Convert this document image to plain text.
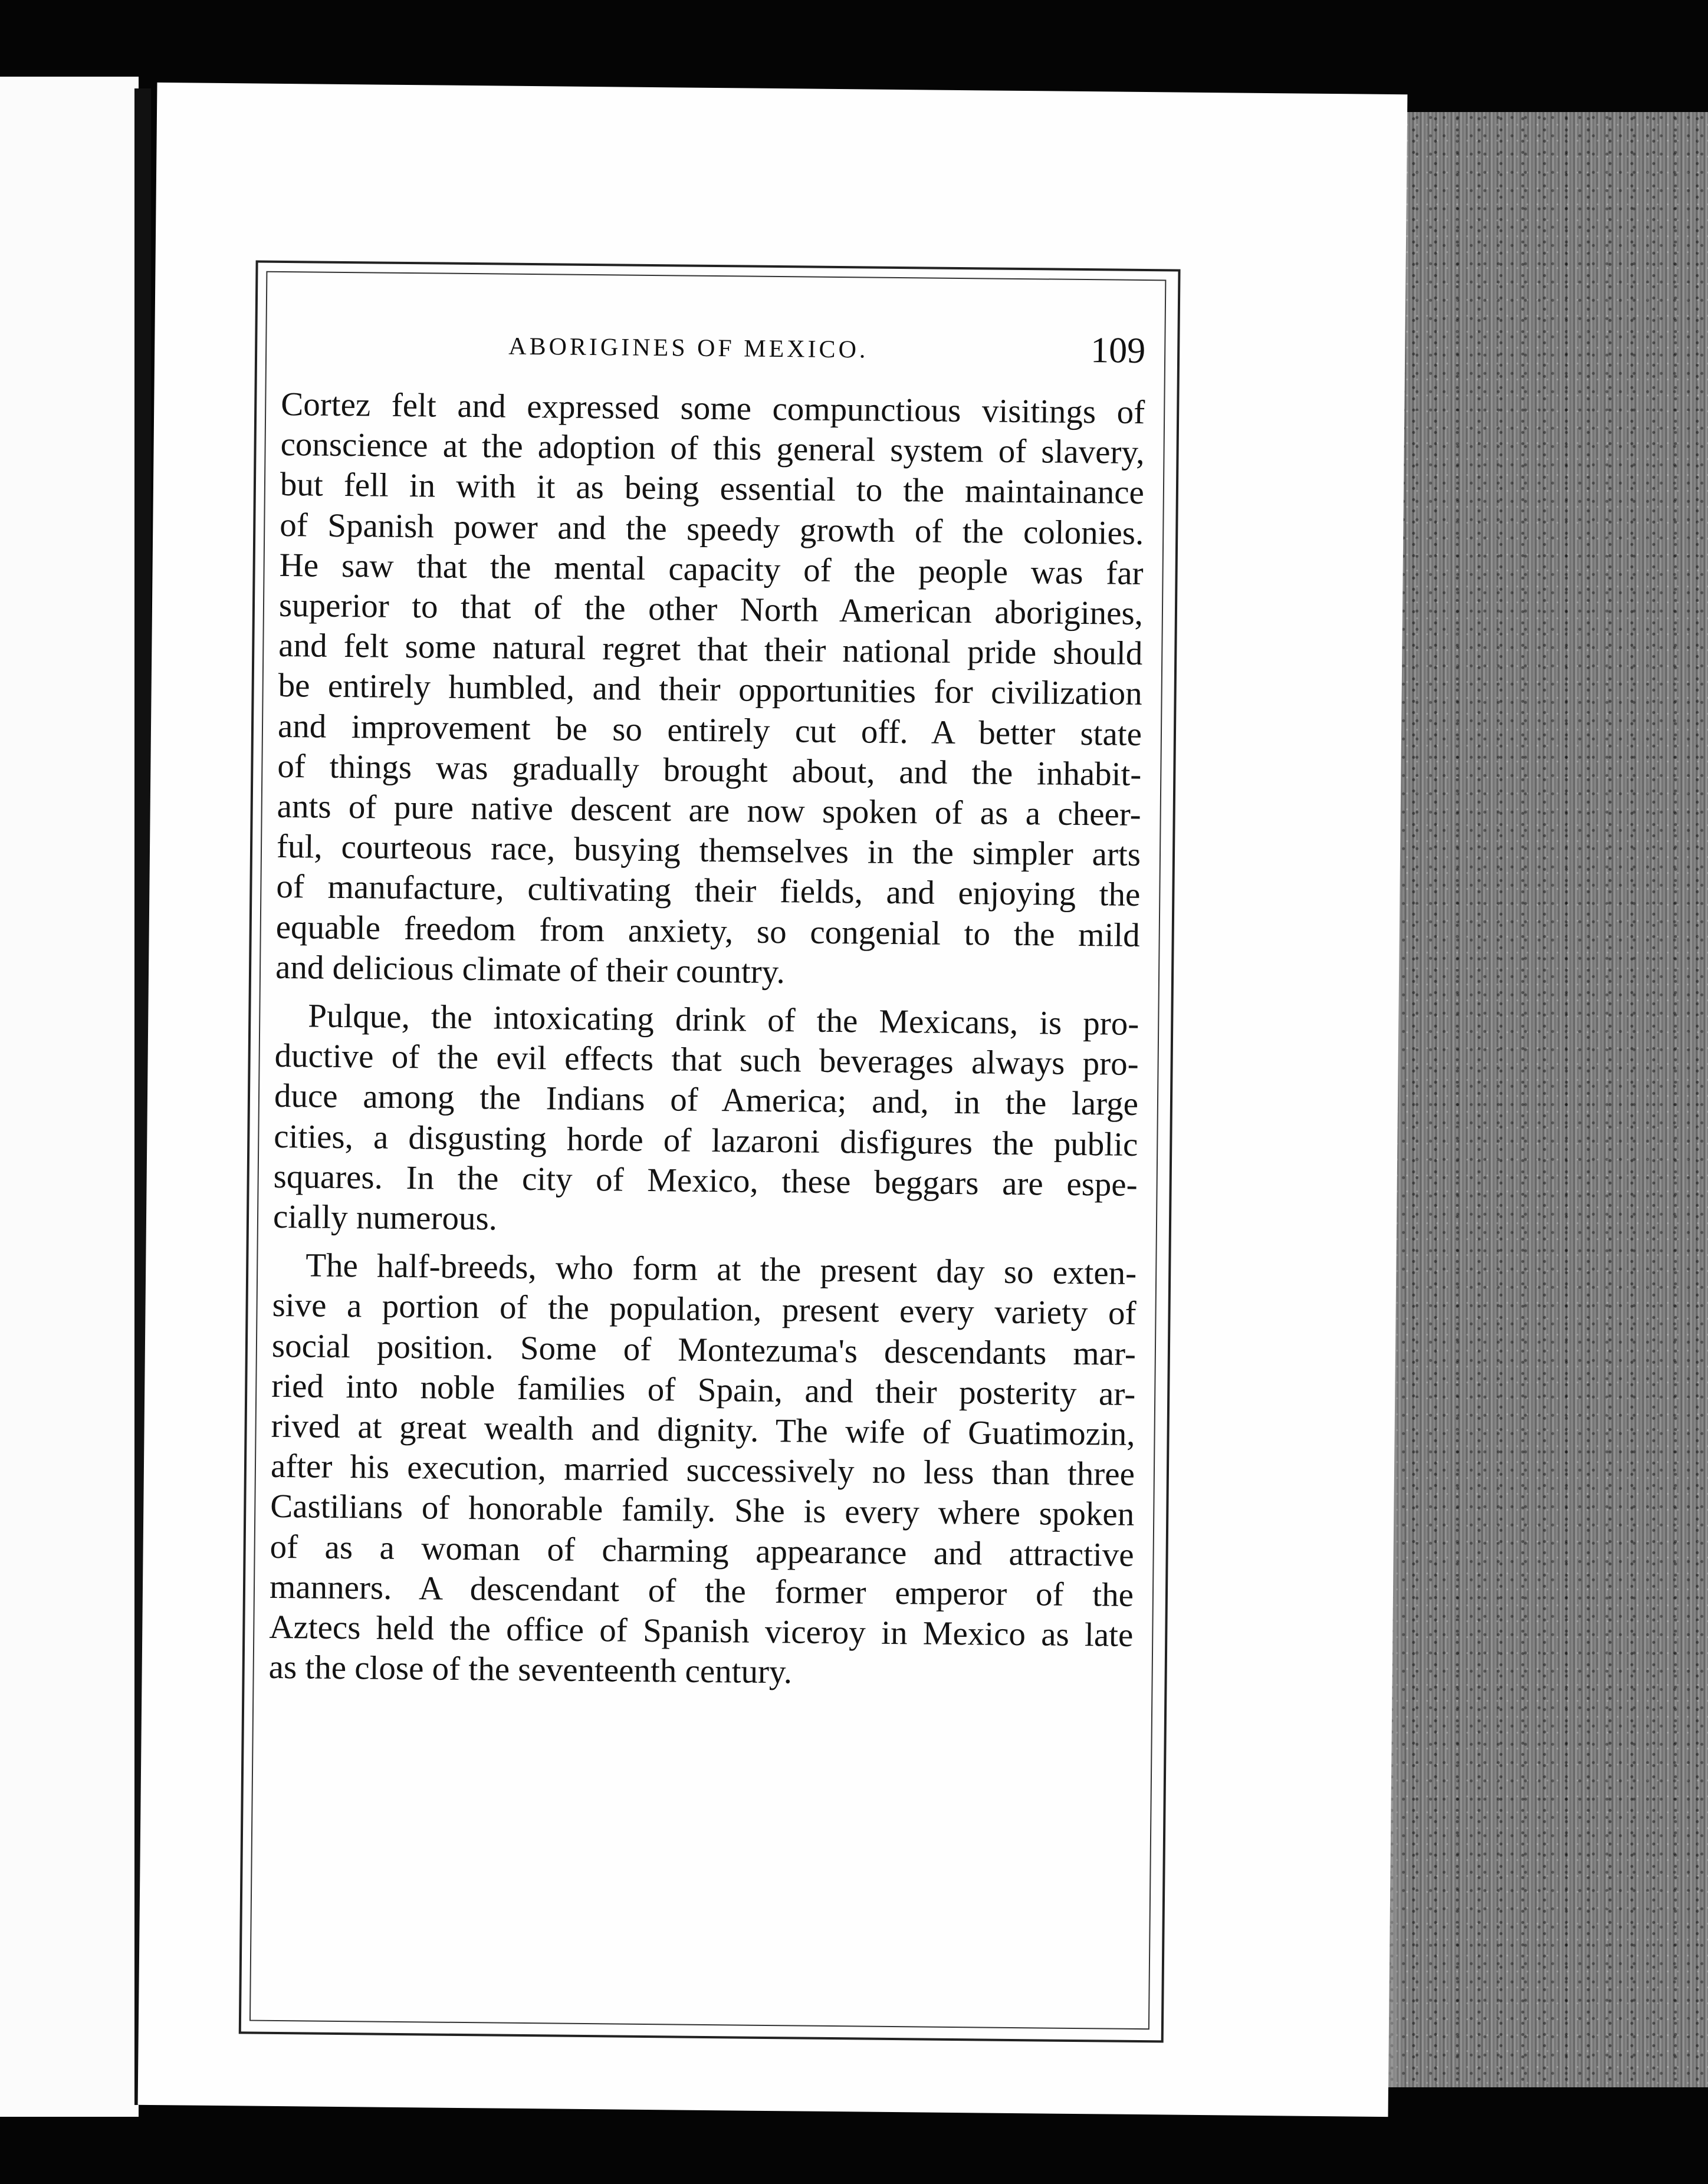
ABORIGINES OF MEXICO.	109
Cortez felt and expressed some compunctious visitings of
conscience at the adoption of this general system of slavery,
but fell in with it as being essential to the maintainance
of Spanish power and the speedy growth of the colonies.
He saw that the mental capacity of the people was far
superior to that of the other North American aborigines,
and felt some natural regret that their national pride should
be entirely humbled, and their opportunities for civilization
and improvement be so entirely cut off. A better state
of things was gradually brought about, and the inhabit-
ants of pure native descent are now spoken of as a cheer-
ful, courteous race, busying themselves in the simpler arts
of manufacture, cultivating their fields, and enjoying the
equable freedom from anxiety, so congenial to the mild
and delicious climate of their country.
Pulque, the intoxicating drink of the Mexicans, is pro-
ductive of the evil effects that such beverages always pro-
duce among the Indians of America; and, in the large
cities, a disgusting horde of lazaroni disfigures the public
squares. In the city of Mexico, these beggars are espe-
cially numerous.
The half-breeds, who form at the present day so exten-
sive a portion of the population, present every variety of
social position. Some of Montezuma's descendants mar-
ried into noble families of Spain, and their posterity ar-
rived at great wealth and dignity. The wife of Guatimozin,
after his execution, married successively no less than three
Castilians of honorable family. She is every where spoken
of as a woman of charming appearance and attractive
manners. A descendant of the former emperor of the
Aztecs held the office of Spanish viceroy in Mexico as late
as the close of the seventeenth century.
